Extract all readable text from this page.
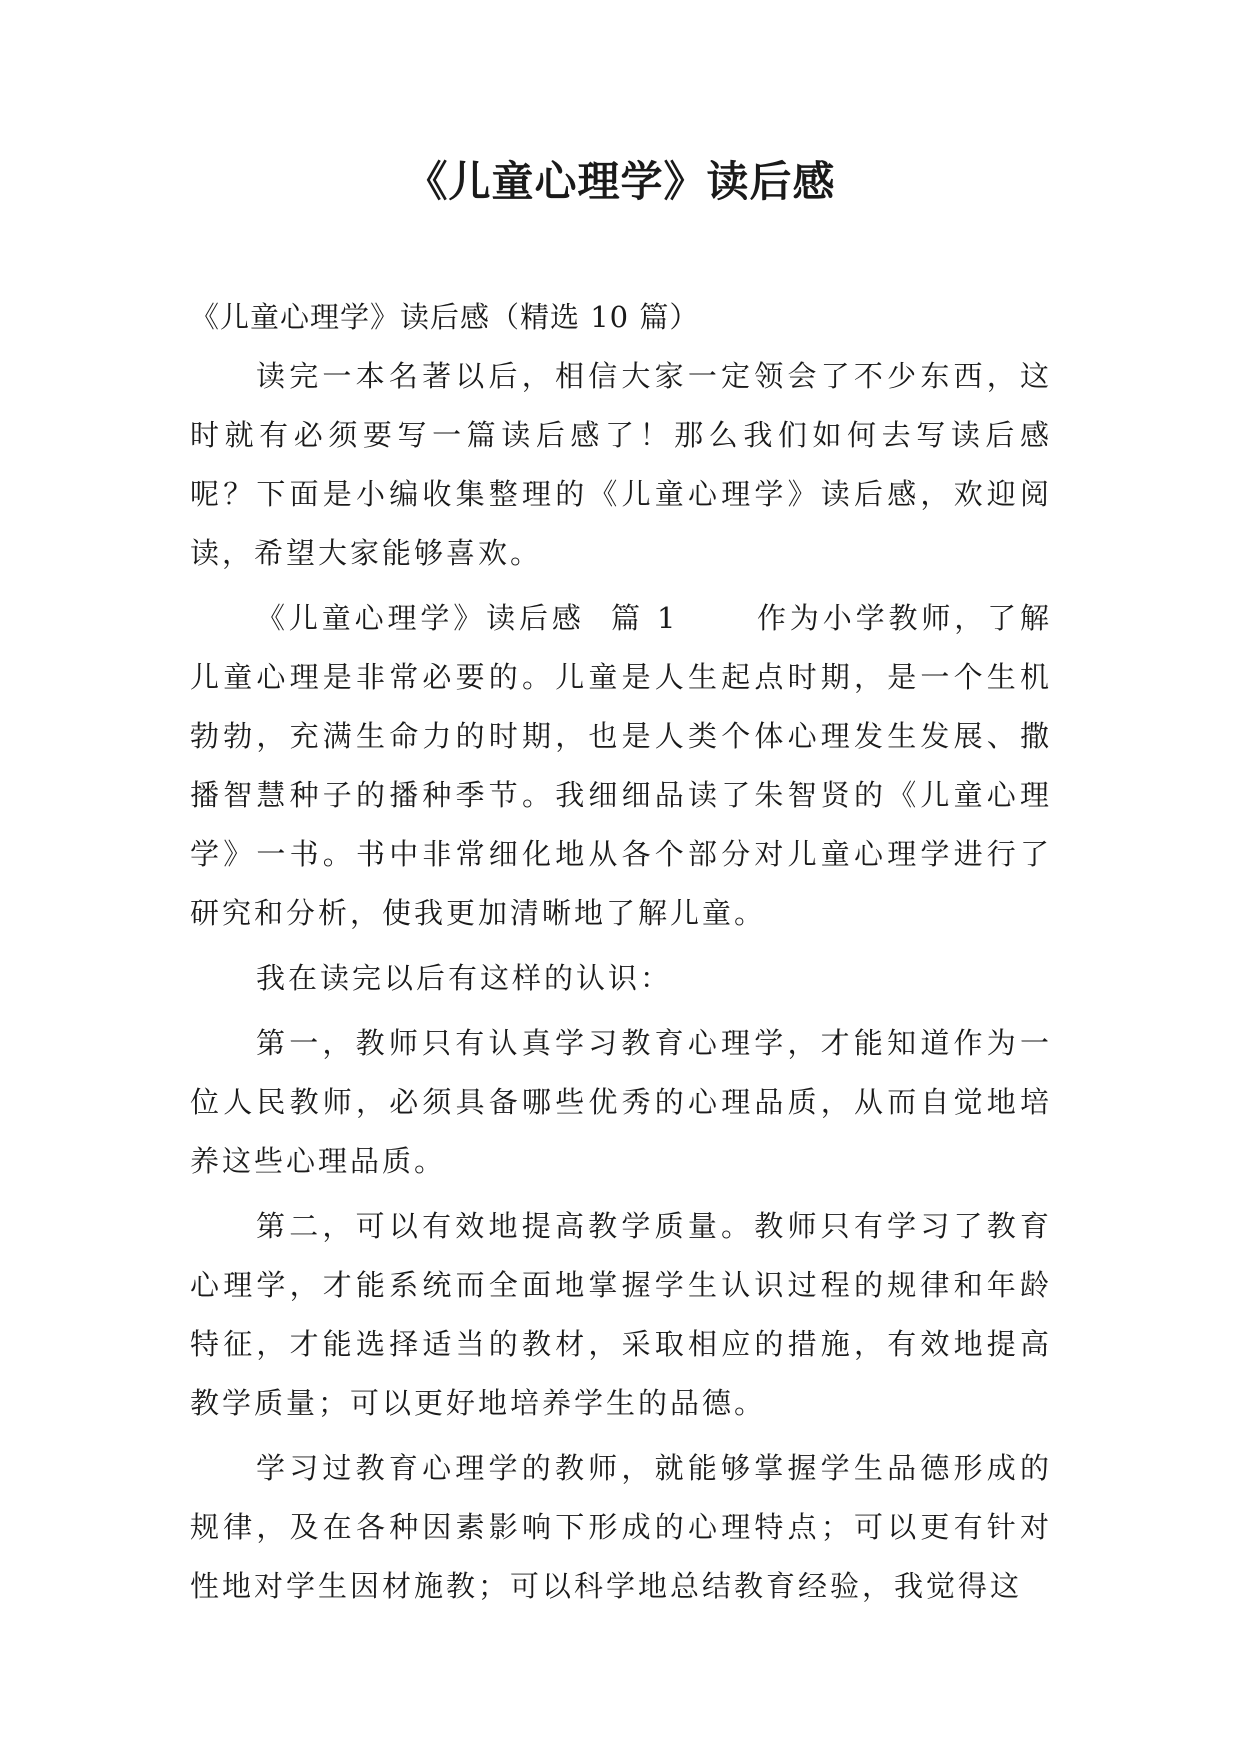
《儿童心理学》读后感

《儿童心理学》读后感（精选 10 篇）

读完一本名著以后，相信大家一定领会了不少东西，这时就有必须要写一篇读后感了！那么我们如何去写读后感呢？下面是小编收集整理的《儿童心理学》读后感，欢迎阅读，希望大家能够喜欢。

《儿童心理学》读后感  篇 1      作为小学教师，了解儿童心理是非常必要的。儿童是人生起点时期，是一个生机勃勃，充满生命力的时期，也是人类个体心理发生发展、撒播智慧种子的播种季节。我细细品读了朱智贤的《儿童心理学》一书。书中非常细化地从各个部分对儿童心理学进行了研究和分析，使我更加清晰地了解儿童。

我在读完以后有这样的认识：

第一，教师只有认真学习教育心理学，才能知道作为一位人民教师，必须具备哪些优秀的心理品质，从而自觉地培养这些心理品质。

第二，可以有效地提高教学质量。教师只有学习了教育心理学，才能系统而全面地掌握学生认识过程的规律和年龄特征，才能选择适当的教材，采取相应的措施，有效地提高教学质量；可以更好地培养学生的品德。

学习过教育心理学的教师，就能够掌握学生品德形成的规律，及在各种因素影响下形成的心理特点；可以更有针对性地对学生因材施教；可以科学地总结教育经验，我觉得这
